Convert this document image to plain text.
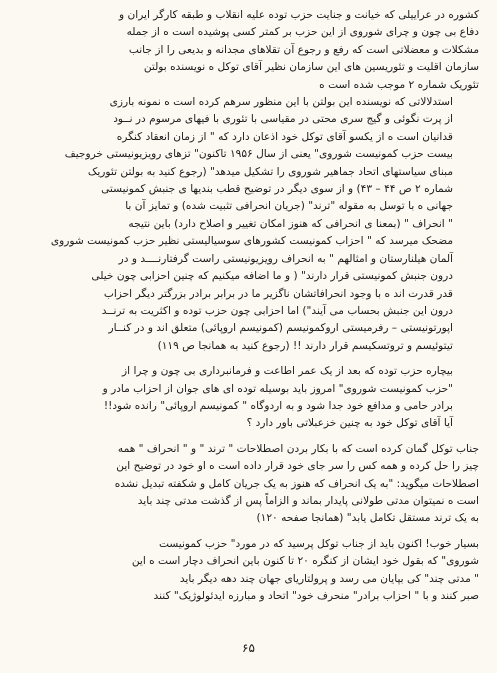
کشوره در عراییلی که خیانت و جنایت حزب توده علیه انقلاب و طبقه کارگر ایران و
دفاع بی چون و چرای شوروی از این حزب بر کمتر کسی پوشیده است ه از جمله
مشکلات و معضلاتی است که رفع و رجوع آن تقلاهای مجدانه و بدیعی را از جانب
سازمان اقلیت و تئوریسین های این سازمان نظیر آقای توکل ه نویسنده بولتن
تئوریک شماره ۲ موجب شده است ه
استدلالاتی که نویسنده این بولتن با این منظور سرهم کرده است ه نمونه بارزی
از پرت نگوئی و گیج سری محتی در مقیاسی با تئوری با فیهای مرسوم در نــود
قدانیان است ه از یکسو آقای توکل خود اذعان دارد که " از زمان انعقاد کنگره
بیست حزب کمونیست شوروی" یعنی از سال ۱۹۵۶ تاکنون" تزهای رویزیونیستی خروجیف
مبنای سیاستهای اتحاد جماهیر شوروی را تشکیل میدهد" (رجوع کنید به بولتن تئوریک
شماره ۲ ص ۴۴ – ۴۳) و از سوی دیگر در توضیح قطب بندیها ی جنبش کمونیستی
جهانی ه با توسل به مقوله "ترند" (جریان انحرافی تثبیت شده) و تمایز آن با
" انحراف " (بمعنا ی انحرافی که هنوز امکان تغییر و اصلاح دارد) باین نتیجه
مضحک میرسد که " احزاب کمونیست کشورهای سوسیالیستی نظیر حزب کمونیست شوروی
آلمان هیلنارستان و امثالهم " به انحراف رویزیونیستی راست گرفتارنــــد و در
درون جنبش کمونیستی قرار دارند" ( و ما اضافه میکنیم که چنین احزابی چون خیلی
قدر قدرت اند ه با وجود انحرافاتشان ناگزیر ما در برابر برادر بزرگتر دیگر احزاب
درون این جنبش بحساب می آیند") اما احزابی چون حزب توده و اکثریت به ترنــد
اپورتونیستی – رفرمیستی اروکمونیسم (کمونیسم اروپائی) متعلق اند و در کنــار
تیتوئیسم و تروتسکیسم قرار دارند !! (رجوع کنید به همانجا ص ۱۱۹)
بیچاره حزب توده که بعد از یک عمر اطاعت و فرمانبرداری بی چون و چرا از
"حزب کمونیست شوروی" امروز باید بوسیله توده ای های جوان از احزاب مادر و
برادر حامی و مدافع خود جدا شود و به اردوگاه " کمونیسم اروپائی" رانده شود!!
آیا آقای توکل خود به چنین خزعبلاتی باور دارد ؟
جناب توکل گمان کرده است که با بکار بردن اصطلاحات " ترند " و " انحراف " همه
چیز را حل کرده و همه کس را سر جای خود قرار داده است ه او خود در توضیح این
اصطلاحات میگوید: "به یک انحراف که هنوز به یک جریان کامل و شکفته تبدیل نشده
است ه نمیتوان مدتی طولانی پایدار بماند و الزاماً پس از گذشت مدتی چند باید
به یک ترند مستقل تکامل یابد" (همانجا صفحه ۱۲۰)
بسیار خوب! اکنون باید از جناب توکل پرسید که در مورد" حزب کمونیست
شوروی" که بقول خود ایشان از کنگره ۲۰ تا کنون باین انحراف دچار است ه این
" مدتی چند" کی بپایان می رسد و پرولتاریای جهان چند دهه دیگر باید
صبر کنند و با " احزاب برادر" منحرف خود" اتحاد و مبارزه ایدئولوژیک" کنند
۶۵
